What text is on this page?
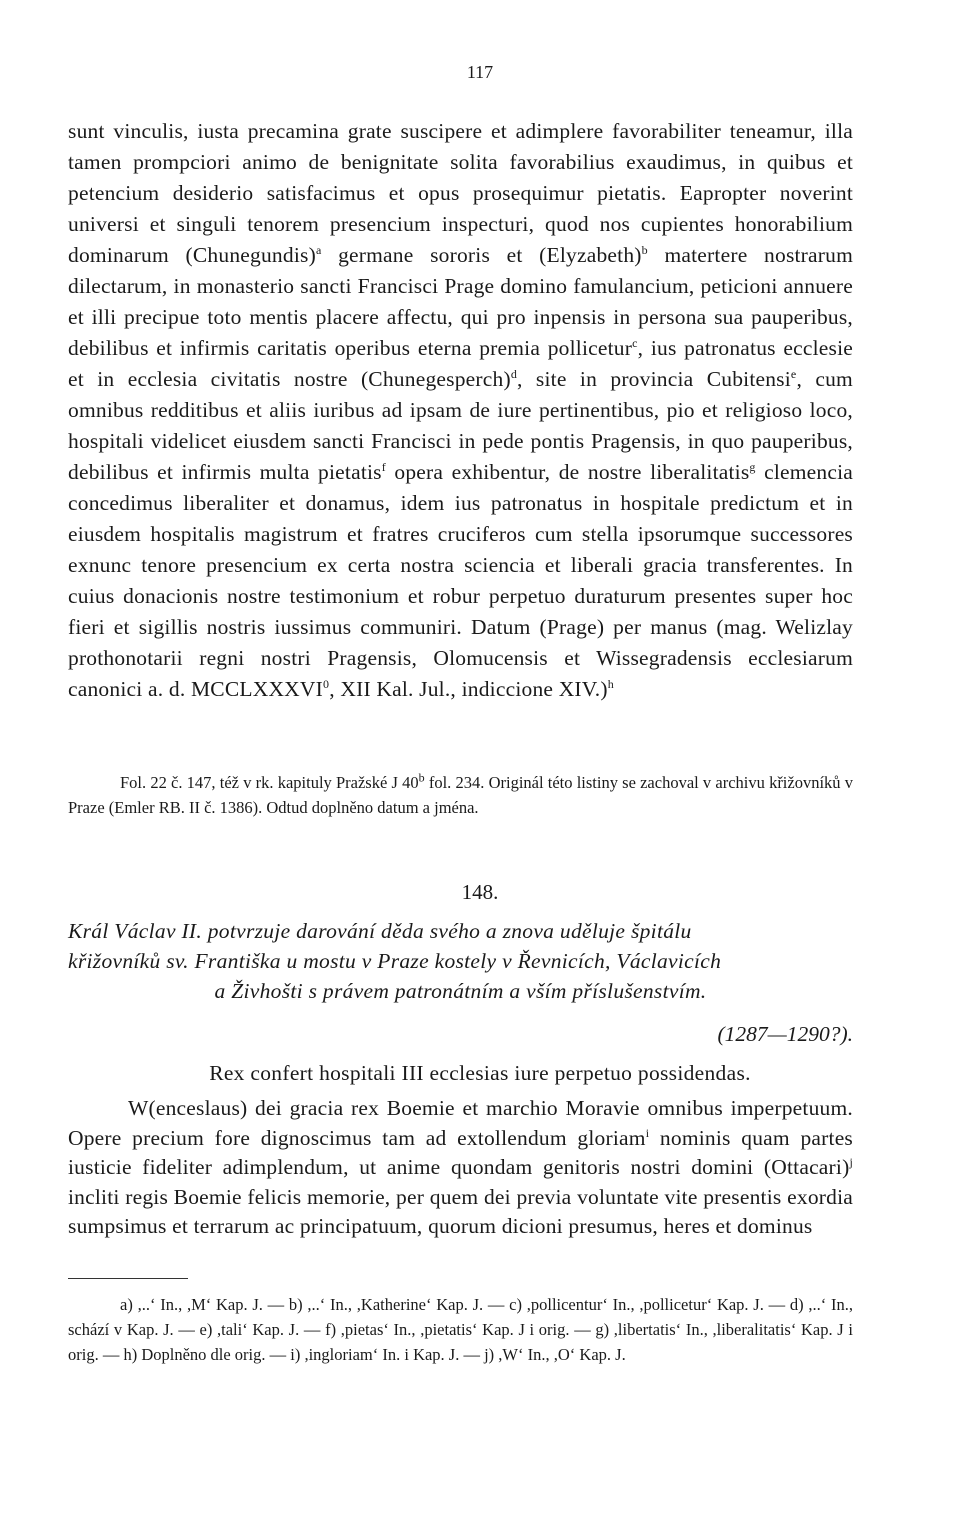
117

sunt vinculis, iusta precamina grate suscipere et adimplere favorabiliter teneamur, illa tamen prompciori animo de benignitate solita favorabilius exaudimus, in quibus et petencium desiderio satisfacimus et opus prosequimur pietatis. Eapropter noverint universi et singuli tenorem presencium inspecturi, quod nos cupientes honorabilium dominarum (Chunegundis)$^a$ germane sororis et (Elyzabeth)$^b$ matertere nostrarum dilectarum, in monasterio sancti Francisci Prage domino famulancium, peticioni annuere et illi precipue toto mentis placere affectu, qui pro inpensis in persona sua pauperibus, debilibus et infirmis caritatis operibus eterna premia pollicetur$^c$, ius patronatus ecclesie et in ecclesia civitatis nostre (Chunegesperch)$^d$, site in provincia Cubitensi$^e$, cum omnibus redditibus et aliis iuribus ad ipsam de iure pertinentibus, pio et religioso loco, hospitali videlicet eiusdem sancti Francisci in pede pontis Pragensis, in quo pauperibus, debilibus et infirmis multa pietatis$^f$ opera exhibentur, de nostre liberalitatis$^g$ clemencia concedimus liberaliter et donamus, idem ius patronatus in hospitale predictum et in eiusdem hospitalis magistrum et fratres cruciferos cum stella ipsorumque successores exnunc tenore presencium ex certa nostra sciencia et liberali gracia transferentes. In cuius donacionis nostre testimonium et robur perpetuo duraturum presentes super hoc fieri et sigillis nostris iussimus communiri. Datum (Prage) per manus (mag. Welizlay prothonotarii regni nostri Pragensis, Olomucensis et Wissegradensis ecclesiarum canonici a. d. MCCLXXXVI$^0$, XII Kal. Jul., indiccione XIV.)$^h$

Fol. 22 č. 147, též v rk. kapituly Pražské J 40$^b$ fol. 234. Originál této listiny se zachoval v archivu křižovníků v Praze (Emler RB. II č. 1386). Odtud doplněno datum a jména.

148.
Král Václav II. potvrzuje darování děda svého a znova uděluje špitálu
křižovníků sv. Františka u mostu v Praze kostely v Řevnicích, Václavicích
a Živhošti s právem patronátním a vším příslušenstvím.
(1287—1290?).
Rex confert hospitali III ecclesias iure perpetuo possidendas.

W(enceslaus) dei gracia rex Boemie et marchio Moravie omnibus imperpetuum. Opere precium fore dignoscimus tam ad extollendum gloriam$^i$ nominis quam partes iusticie fideliter adimplendum, ut anime quondam genitoris nostri domini (Ottacari)$^j$ incliti regis Boemie felicis memorie, per quem dei previa voluntate vite presentis exordia sumpsimus et terrarum ac principatuum, quorum dicioni presumus, heres et dominus

a) ,..‘ In., ,M‘ Kap. J. — b) ,..‘ In., ,Katherine‘ Kap. J. — c) ,pollicentur‘ In., ,pollicetur‘ Kap. J. — d) ,..‘ In., schází v Kap. J. — e) ,tali‘ Kap. J. — f) ,pietas‘ In., ,pietatis‘ Kap. J i orig. — g) ,libertatis‘ In., ,liberalitatis‘ Kap. J i orig. — h) Doplněno dle orig. — i) ,ingloriam‘ In. i Kap. J. — j) ,W‘ In., ,O‘ Kap. J.
